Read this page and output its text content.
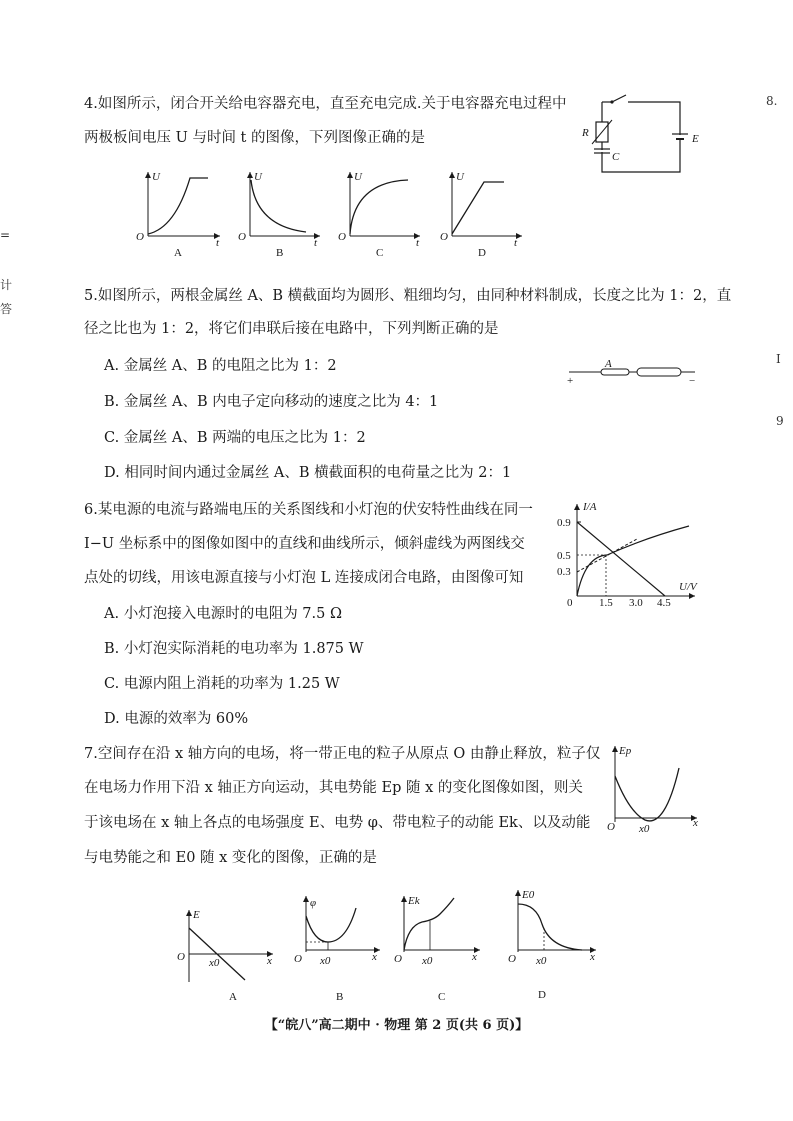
4.如图所示，闭合开关给电容器充电，直至充电完成.关于电容器充电过程中
两极板间电压 U 与时间 t 的图像，下列图像正确的是	R
C
E
U
O	t
A
U
O	t
B
U
O	t
C
U
O	t
D
5.如图所示，两根金属丝 A、B 横截面均为圆形、粗细均匀，由同种材料制成，长度之比为 1：2，直
径之比也为 1：2，将它们串联后接在电路中，下列判断正确的是
A. 金属丝 A、B 的电阻之比为 1：2
B. 金属丝 A、B 内电子定向移动的速度之比为 4：1
C. 金属丝 A、B 两端的电压之比为 1：2
D. 相同时间内通过金属丝 A、B 横截面积的电荷量之比为 2：1
A
+	−
6.某电源的电流与路端电压的关系图线和小灯泡的伏安特性曲线在同一
I−U 坐标系中的图像如图中的直线和曲线所示，倾斜虚线为两图线交
点处的切线，用该电源直接与小灯泡 L 连接成闭合电路，由图像可知
A. 小灯泡接入电源时的电阻为 7.5 Ω
B. 小灯泡实际消耗的电功率为 1.875 W
C. 电源内阻上消耗的功率为 1.25 W
D. 电源的效率为 60%
I/A
U/V
0
0.9
0.5
0.3
1.5 3.0 4.5
7.空间存在沿 x 轴方向的电场，将一带正电的粒子从原点 O 由静止释放，粒子仅
在电场力作用下沿 x 轴正方向运动，其电势能 Ep 随 x 的变化图像如图，则关
于该电场在 x 轴上各点的电场强度 E、电势 φ、带电粒子的动能 Ek、以及动能
与电势能之和 E0 随 x 变化的图像，正确的是
Ep
O x0	x
E
O x0	x
A
φ
O x0	x
B
Ek
O x0	x
C
E0
O x0	x
D
【“皖八”高二期中 · 物理 第 2 页(共 6 页)】
8.
I
9
=
计
答
